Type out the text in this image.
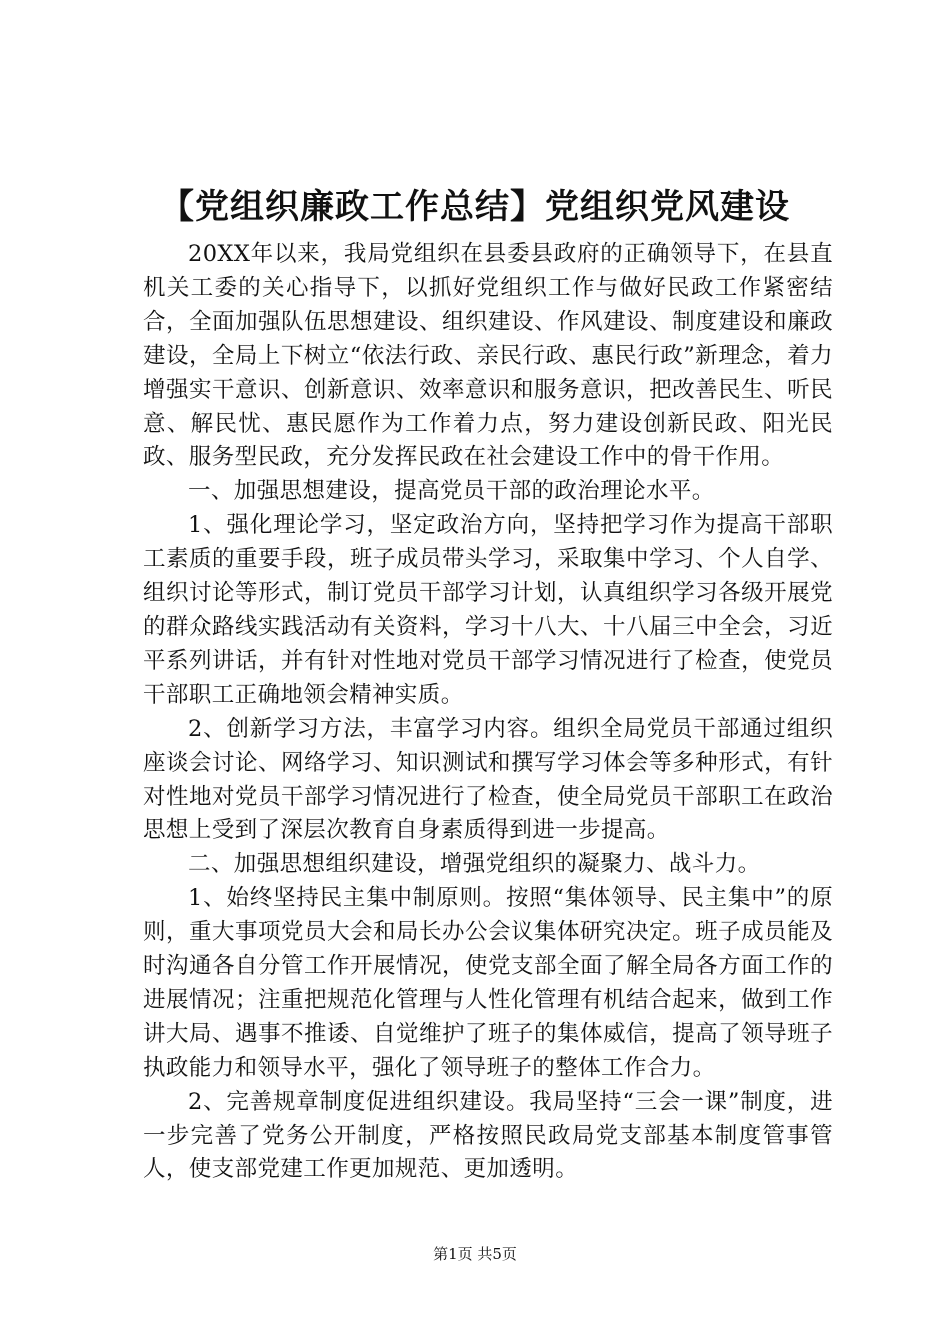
【党组织廉政工作总结】党组织党风建设

20XX年以来，我局党组织在县委县政府的正确领导下，在县直机关工委的关心指导下，以抓好党组织工作与做好民政工作紧密结合，全面加强队伍思想建设、组织建设、作风建设、制度建设和廉政建设，全局上下树立“依法行政、亲民行政、惠民行政”新理念，着力增强实干意识、创新意识、效率意识和服务意识，把改善民生、听民意、解民忧、惠民愿作为工作着力点，努力建设创新民政、阳光民政、服务型民政，充分发挥民政在社会建设工作中的骨干作用。

一、加强思想建设，提高党员干部的政治理论水平。

1、强化理论学习，坚定政治方向，坚持把学习作为提高干部职工素质的重要手段，班子成员带头学习，采取集中学习、个人自学、组织讨论等形式，制订党员干部学习计划，认真组织学习各级开展党的群众路线实践活动有关资料，学习十八大、十八届三中全会，习近平系列讲话，并有针对性地对党员干部学习情况进行了检查，使党员干部职工正确地领会精神实质。

2、创新学习方法，丰富学习内容。组织全局党员干部通过组织座谈会讨论、网络学习、知识测试和撰写学习体会等多种形式，有针对性地对党员干部学习情况进行了检查，使全局党员干部职工在政治思想上受到了深层次教育自身素质得到进一步提高。

二、加强思想组织建设，增强党组织的凝聚力、战斗力。

1、始终坚持民主集中制原则。按照“集体领导、民主集中”的原则，重大事项党员大会和局长办公会议集体研究决定。班子成员能及时沟通各自分管工作开展情况，使党支部全面了解全局各方面工作的进展情况；注重把规范化管理与人性化管理有机结合起来，做到工作讲大局、遇事不推诿、自觉维护了班子的集体威信，提高了领导班子执政能力和领导水平，强化了领导班子的整体工作合力。

2、完善规章制度促进组织建设。我局坚持“三会一课”制度，进一步完善了党务公开制度，严格按照民政局党支部基本制度管事管人，使支部党建工作更加规范、更加透明。

第1页 共5页
